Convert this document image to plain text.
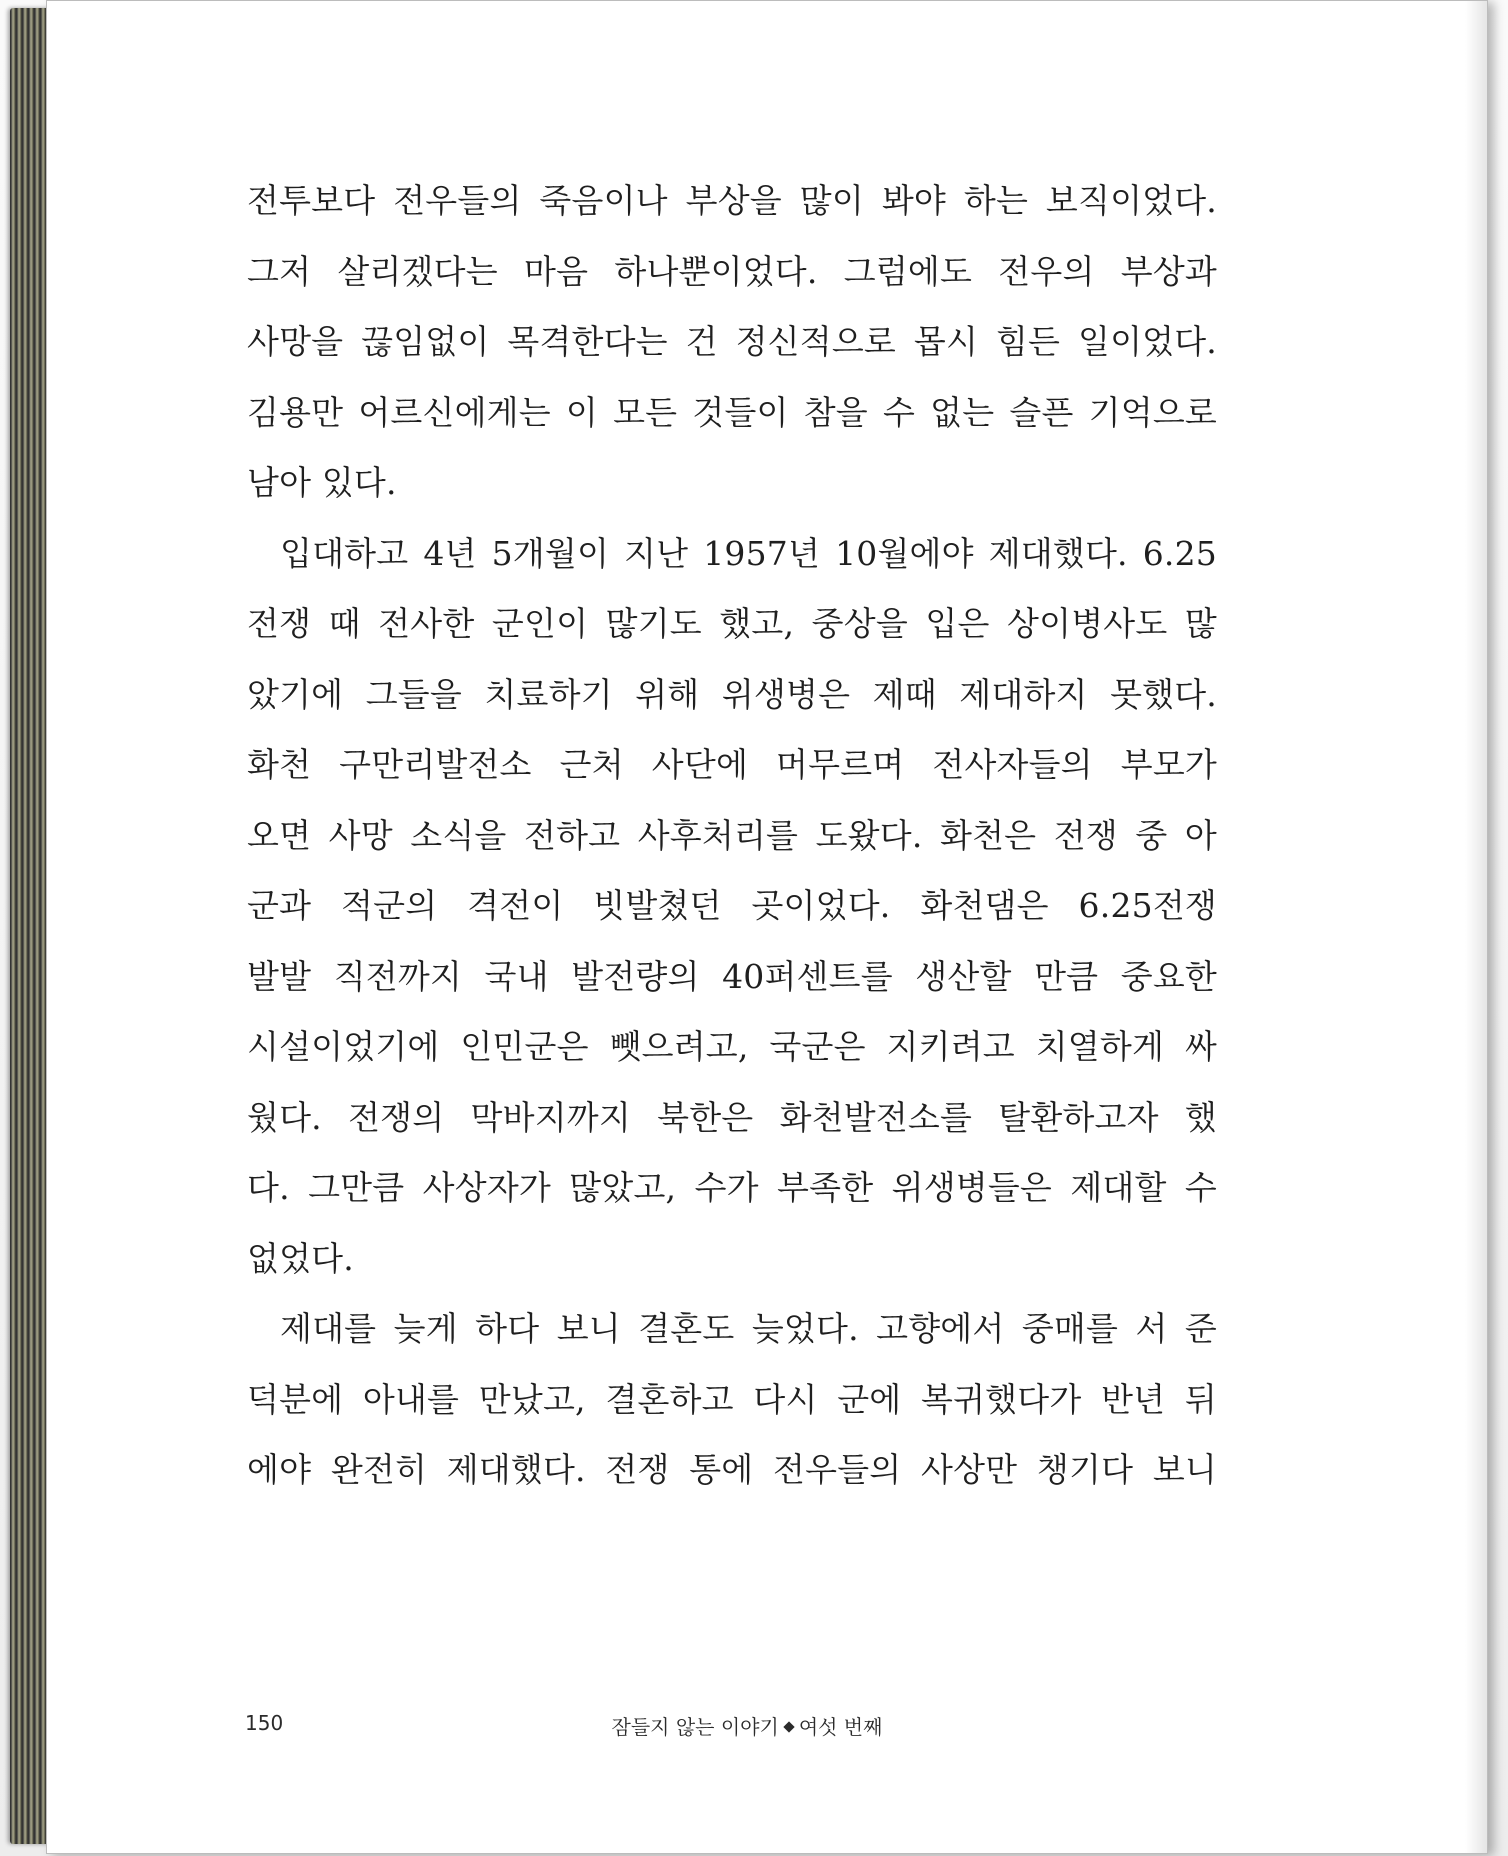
전투보다 전우들의 죽음이나 부상을 많이 봐야 하는 보직이었다.
그저 살리겠다는 마음 하나뿐이었다. 그럼에도 전우의 부상과
사망을 끊임없이 목격한다는 건 정신적으로 몹시 힘든 일이었다.
김용만 어르신에게는 이 모든 것들이 참을 수 없는 슬픈 기억으로
남아 있다.
입대하고 4년 5개월이 지난 1957년 10월에야 제대했다. 6.25
전쟁 때 전사한 군인이 많기도 했고, 중상을 입은 상이병사도 많
았기에 그들을 치료하기 위해 위생병은 제때 제대하지 못했다.
화천 구만리발전소 근처 사단에 머무르며 전사자들의 부모가
오면 사망 소식을 전하고 사후처리를 도왔다. 화천은 전쟁 중 아
군과 적군의 격전이 빗발쳤던 곳이었다. 화천댐은 6.25전쟁
발발 직전까지 국내 발전량의 40퍼센트를 생산할 만큼 중요한
시설이었기에 인민군은 뺏으려고, 국군은 지키려고 치열하게 싸
웠다. 전쟁의 막바지까지 북한은 화천발전소를 탈환하고자 했
다. 그만큼 사상자가 많았고, 수가 부족한 위생병들은 제대할 수
없었다.
제대를 늦게 하다 보니 결혼도 늦었다. 고향에서 중매를 서 준
덕분에 아내를 만났고, 결혼하고 다시 군에 복귀했다가 반년 뒤
에야 완전히 제대했다. 전쟁 통에 전우들의 사상만 챙기다 보니
150	잠들지 않는 이야기 여섯 번째
